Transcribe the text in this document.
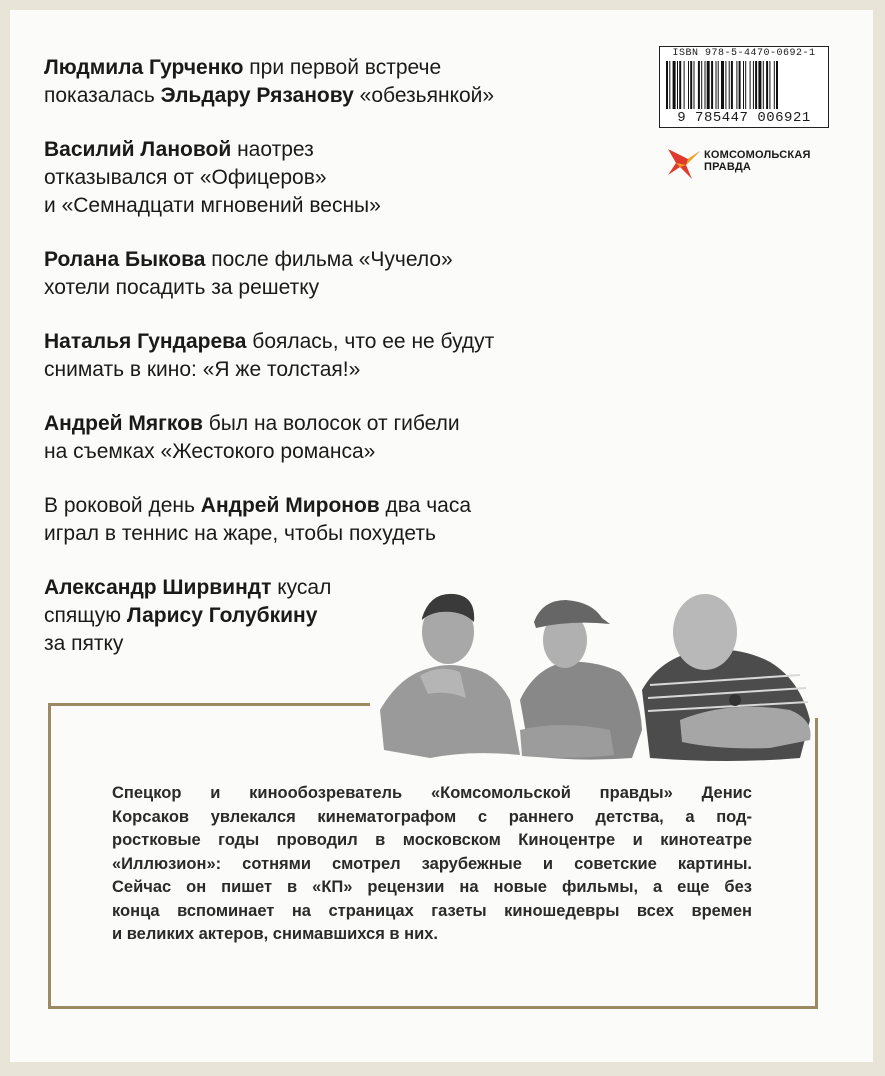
Людмила Гурченко при первой встрече
показалась Эльдару Рязанову «обезьянкой»
Василий Лановой наотрез
отказывался от «Офицеров»
и «Семнадцати мгновений весны»
Ролана Быкова после фильма «Чучело»
хотели посадить за решетку
Наталья Гундарева боялась, что ее не будут
снимать в кино: «Я же толстая!»
Андрей Мягков был на волосок от гибели
на съемках «Жестокого романса»
В роковой день Андрей Миронов два часа
играл в теннис на жаре, чтобы похудеть
Александр Ширвиндт кусал
спящую Ларису Голубкину
за пятку
ISBN 978-5-4470-0692-1
9 785447 006921
КОМСОМОЛЬСКАЯ
ПРАВДА
Спецкор и кинообозреватель «Комсомольской правды» Денис
Корсаков увлекался кинематографом с раннего детства, а под-
ростковые годы проводил в московском Киноцентре и кинотеатре
«Иллюзион»: сотнями смотрел зарубежные и советские картины.
Сейчас он пишет в «КП» рецензии на новые фильмы, а еще без
конца вспоминает на страницах газеты киношедевры всех времен
и великих актеров, снимавшихся в них.
